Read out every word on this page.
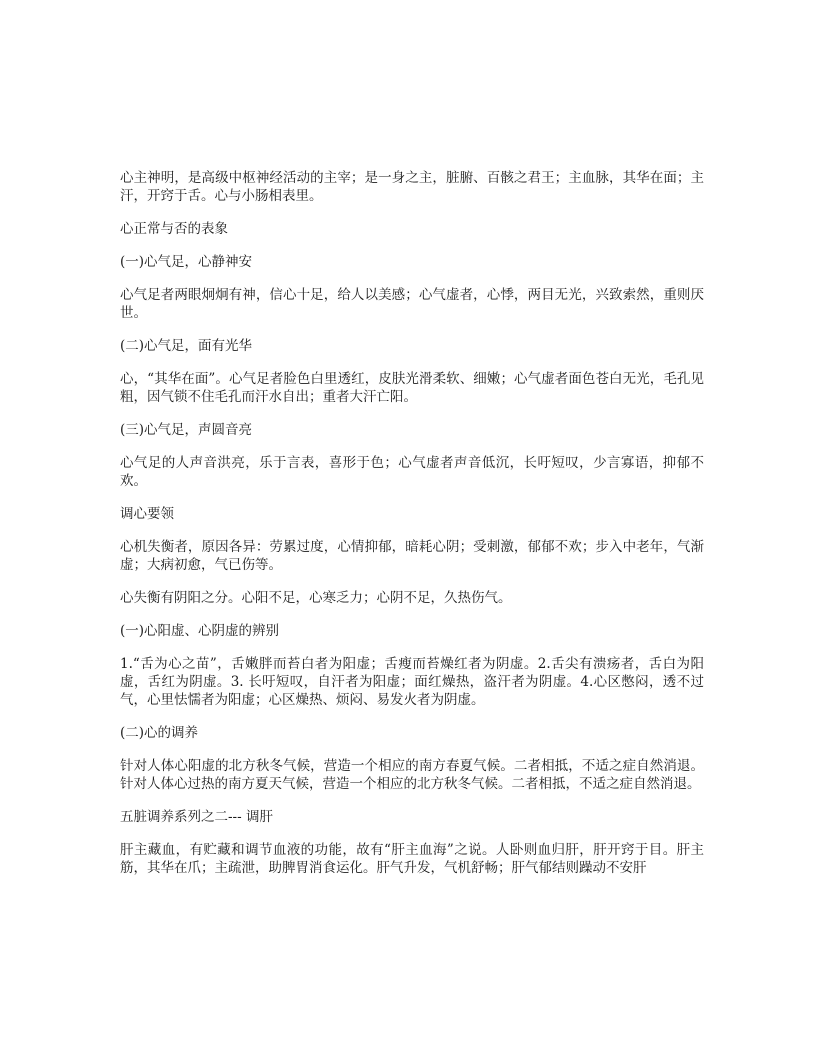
心主神明，是高级中枢神经活动的主宰；是一身之主，脏腑、百骸之君王；主血脉，其华在面；主汗，开窍于舌。心与小肠相表里。

心正常与否的表象

(一)心气足，心静神安

心气足者两眼炯炯有神，信心十足，给人以美感；心气虚者，心悸，两目无光，兴致索然，重则厌世。

(二)心气足，面有光华

心，“其华在面”。心气足者脸色白里透红，皮肤光滑柔软、细嫩；心气虚者面色苍白无光，毛孔见粗，因气锁不住毛孔而汗水自出；重者大汗亡阳。

(三)心气足，声圆音亮

心气足的人声音洪亮，乐于言表，喜形于色；心气虚者声音低沉，长吁短叹，少言寡语，抑郁不欢。

调心要领

心机失衡者，原因各异：劳累过度，心情抑郁，暗耗心阴；受刺激，郁郁不欢；步入中老年，气渐虚；大病初愈，气已伤等。

心失衡有阴阳之分。心阳不足，心寒乏力；心阴不足，久热伤气。

(一)心阳虚、心阴虚的辨别

1.“舌为心之苗”，舌嫩胖而苔白者为阳虚；舌瘦而苔燥红者为阴虚。2.舌尖有溃疡者，舌白为阳虚，舌红为阴虚。3. 长吁短叹，自汗者为阳虚；面红燥热，盗汗者为阴虚。4.心区憋闷，透不过气，心里怯懦者为阳虚；心区燥热、烦闷、易发火者为阴虚。

(二)心的调养

针对人体心阳虚的北方秋冬气候，营造一个相应的南方春夏气候。二者相抵，不适之症自然消退。针对人体心过热的南方夏天气候，营造一个相应的北方秋冬气候。二者相抵，不适之症自然消退。

五脏调养系列之二--- 调肝

肝主藏血，有贮藏和调节血液的功能，故有“肝主血海”之说。人卧则血归肝，肝开窍于目。肝主筋，其华在爪；主疏泄，助脾胃消食运化。肝气升发，气机舒畅；肝气郁结则躁动不安肝
